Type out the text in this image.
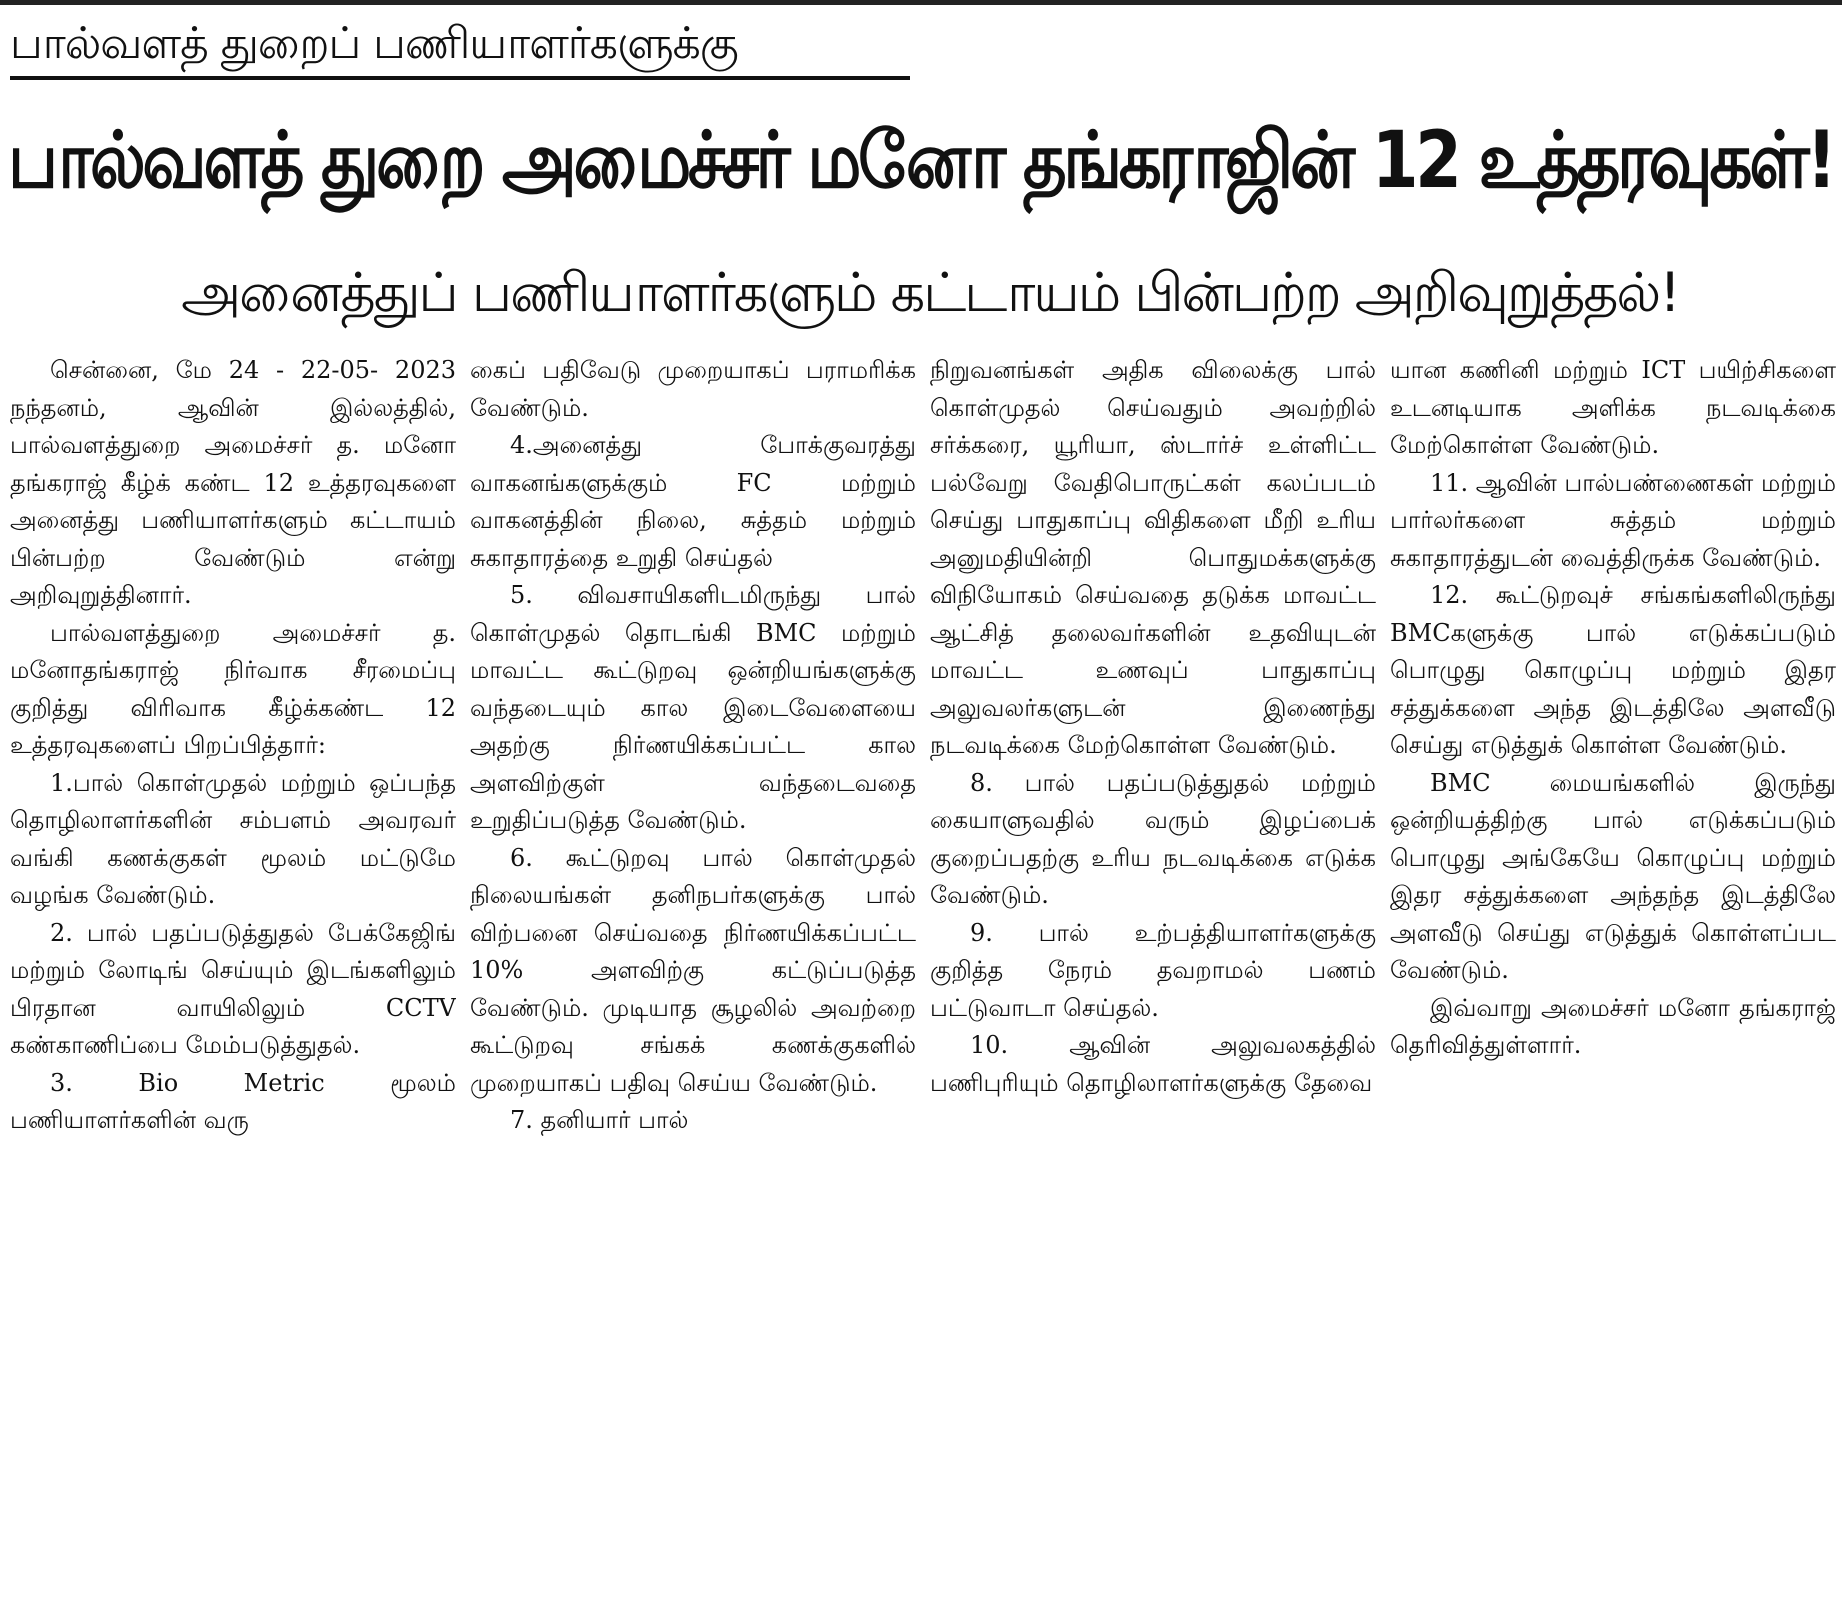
பால்வளத் துறைப் பணியாளர்களுக்கு
பால்வளத் துறை அமைச்சர் மனோ தங்கராஜின் 12 உத்தரவுகள்!
அனைத்துப் பணியாளர்களும் கட்டாயம் பின்பற்ற அறிவுறுத்தல்!

சென்னை, மே 24 - 22-05- 2023 நந்தனம், ஆவின் இல்லத்தில், பால்வளத்துறை அமைச்சர் த. மனோ தங்கராஜ் கீழ்க் கண்ட 12 உத்தரவுகளை அனைத்து பணியாளர்களும் கட்டாயம் பின்பற்ற வேண்டும் என்று அறிவுறுத்தினார்.

பால்வளத்துறை அமைச்சர் த. மனோதங்கராஜ் நிர்வாக சீரமைப்பு குறித்து விரிவாக கீழ்க்கண்ட 12 உத்தரவுகளைப் பிறப்பித்தார்:

1.பால் கொள்முதல் மற்றும் ஒப்பந்த தொழிலாளர்களின் சம்பளம் அவரவர் வங்கி கணக்குகள் மூலம் மட்டுமே வழங்க வேண்டும்.

2. பால் பதப்படுத்துதல் பேக்கேஜிங் மற்றும் லோடிங் செய்யும் இடங்களிலும் பிரதான வாயிலிலும் CCTV கண்காணிப்பை மேம்படுத்துதல்.

3. Bio Metric மூலம் பணியாளர்களின் வரு

கைப் பதிவேடு முறையாகப் பராமரிக்க வேண்டும்.

4.அனைத்து போக்குவரத்து வாகனங்களுக்கும் FC மற்றும் வாகனத்தின் நிலை, சுத்தம் மற்றும் சுகாதாரத்தை உறுதி செய்தல்

5. விவசாயிகளிடமிருந்து பால் கொள்முதல் தொடங்கி BMC மற்றும் மாவட்ட கூட்டுறவு ஒன்றியங்களுக்கு வந்தடையும் கால இடைவேளையை அதற்கு நிர்ணயிக்கப்பட்ட கால அளவிற்குள் வந்தடைவதை உறுதிப்படுத்த வேண்டும்.

6. கூட்டுறவு பால் கொள்முதல் நிலையங்கள் தனிநபர்களுக்கு பால் விற்பனை செய்வதை நிர்ணயிக்கப்பட்ட 10% அளவிற்கு கட்டுப்படுத்த வேண்டும். முடியாத சூழலில் அவற்றை கூட்டுறவு சங்கக் கணக்குகளில் முறையாகப் பதிவு செய்ய வேண்டும்.

7. தனியார் பால்

நிறுவனங்கள் அதிக விலைக்கு பால் கொள்முதல் செய்வதும் அவற்றில் சர்க்கரை, யூரியா, ஸ்டார்ச் உள்ளிட்ட பல்வேறு வேதிபொருட்கள் கலப்படம் செய்து பாதுகாப்பு விதிகளை மீறி உரிய அனுமதியின்றி பொதுமக்களுக்கு விநியோகம் செய்வதை தடுக்க மாவட்ட ஆட்சித் தலைவர்களின் உதவியுடன் மாவட்ட உணவுப் பாதுகாப்பு அலுவலர்களுடன் இணைந்து நடவடிக்கை மேற்கொள்ள வேண்டும்.

8. பால் பதப்படுத்துதல் மற்றும் கையாளுவதில் வரும் இழப்பைக் குறைப்பதற்கு உரிய நடவடிக்கை எடுக்க வேண்டும்.

9. பால் உற்பத்தியாளர்களுக்கு குறித்த நேரம் தவறாமல் பணம் பட்டுவாடா செய்தல்.

10. ஆவின் அலுவலகத்தில் பணிபுரியும் தொழிலாளர்களுக்கு தேவை

யான கணினி மற்றும் ICT பயிற்சிகளை உடனடியாக அளிக்க நடவடிக்கை மேற்கொள்ள வேண்டும்.

11. ஆவின் பால்பண்ணைகள் மற்றும் பார்லர்களை சுத்தம் மற்றும் சுகாதாரத்துடன் வைத்திருக்க வேண்டும்.

12. கூட்டுறவுச் சங்கங்களிலிருந்து BMCகளுக்கு பால் எடுக்கப்படும் பொழுது கொழுப்பு மற்றும் இதர சத்துக்களை அந்த இடத்திலே அளவீடு செய்து எடுத்துக் கொள்ள வேண்டும்.

BMC மையங்களில் இருந்து ஒன்றியத்திற்கு பால் எடுக்கப்படும் பொழுது அங்கேயே கொழுப்பு மற்றும் இதர சத்துக்களை அந்தந்த இடத்திலே அளவீடு செய்து எடுத்துக் கொள்ளப்பட வேண்டும்.

இவ்வாறு அமைச்சர் மனோ தங்கராஜ் தெரிவித்துள்ளார்.
